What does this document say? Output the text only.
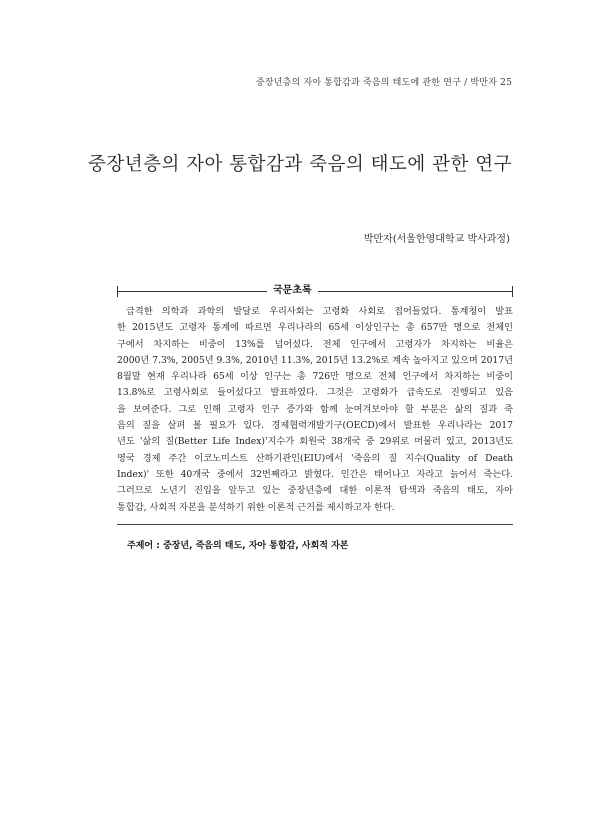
중장년층의 자아 통합감과 죽음의 태도에 관한 연구 / 박만자 25
중장년층의 자아 통합감과 죽음의 태도에 관한 연구
박만자(서울한영대학교 박사과정)
국문초록
급격한 의학과 과학의 발달로 우리사회는 고령화 사회로 접어들었다. 통계청이 발표
한 2015년도 고령자 통계에 따르면 우리나라의 65세 이상인구는 총 657만 명으로 전체인
구에서 차지하는 비중이 13%를 넘어섰다. 전체 인구에서 고령자가 차지하는 비율은
2000년 7.3%, 2005년 9.3%, 2010년 11.3%, 2015년 13.2%로 계속 높아지고 있으며 2017년
8월말 현재 우리나라 65세 이상 인구는 총 726만 명으로 전체 인구에서 차지하는 비중이
13.8%로 고령사회로 들어섰다고 발표하였다. 그것은 고령화가 급속도로 진행되고 있음
을 보여준다. 그로 인해 고령자 인구 증가와 함께 눈여겨보아야 할 부분은 삶의 질과 죽
음의 질을 살펴 볼 필요가 있다. 경제협력개발기구(OECD)에서 발표한 우리나라는 2017
년도 '삶의 질(Better Life Index)'지수가 회원국 38개국 중 29위로 머물러 있고, 2013년도
영국 경제 주간 이코노미스트 산하기관인(EIU)에서 '죽음의 질 지수(Quality of Death
Index)' 또한 40개국 중에서 32번째라고 밝혔다. 인간은 태어나고 자라고 늙어서 죽는다.
그러므로 노년기 진입을 앞두고 있는 중장년층에 대한 이론적 탐색과 죽음의 태도, 자아
통합감, 사회적 자본을 분석하기 위한 이론적 근거를 제시하고자 한다.
주제어 : 중장년, 죽음의 태도, 자아 통합감, 사회적 자본
